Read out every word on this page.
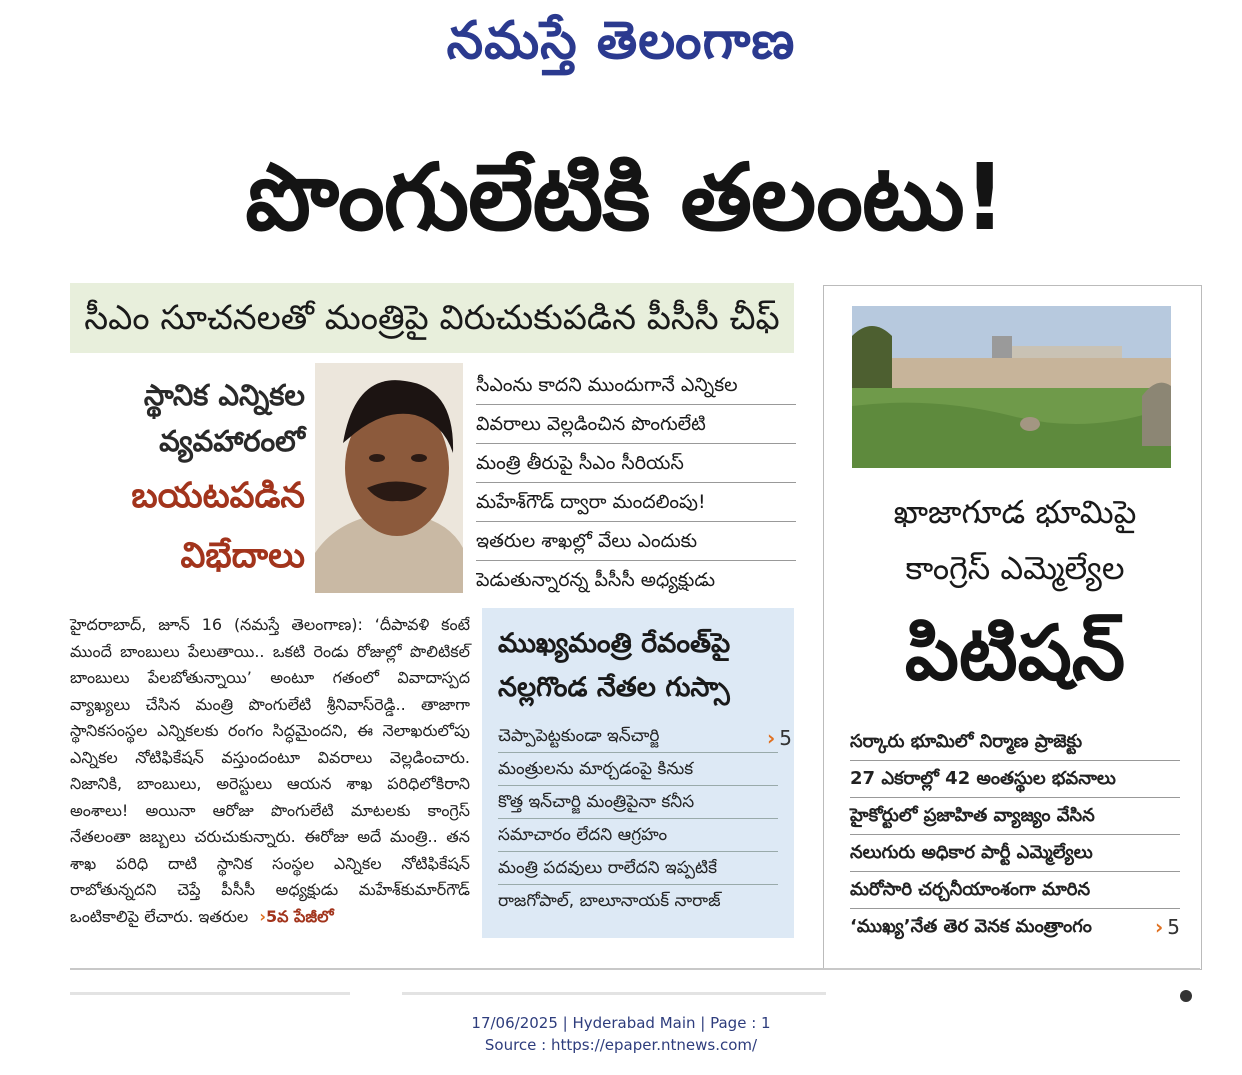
నమస్తే తెలంగాణ
పొంగులేటికి తలంటు!
సీఎం సూచనలతో మంత్రిపై విరుచుకుపడిన పీసీసీ చీఫ్
స్థానిక ఎన్నికల
వ్యవహారంలో
బయటపడిన
విభేదాలు
సీఎంను కాదని ముందుగానే ఎన్నికల
వివరాలు వెల్లడించిన పొంగులేటి
మంత్రి తీరుపై సీఎం సీరియస్
మహేశ్‌గౌడ్ ద్వారా మందలింపు!
ఇతరుల శాఖల్లో వేలు ఎందుకు
పెడుతున్నారన్న పీసీసీ అధ్యక్షుడు
హైదరాబాద్, జూన్ 16 (నమస్తే తెలంగాణ): ‘దీపావళి కంటే ముందే బాంబులు పేలుతాయి.. ఒకటి రెండు రోజుల్లో పొలిటికల్ బాంబులు పేలబోతున్నాయి’ అంటూ గతంలో వివాదాస్పద వ్యాఖ్యలు చేసిన మంత్రి పొంగులేటి శ్రీనివాస్‌రెడ్డి.. తాజాగా స్థానికసంస్థల ఎన్నికలకు రంగం సిద్ధమైందని, ఈ నెలాఖరులోపు ఎన్నికల నోటిఫికేషన్ వస్తుందంటూ వివరాలు వెల్లడించారు. నిజానికి, బాంబులు, అరెస్టులు ఆయన శాఖ పరిధిలోకిరాని అంశాలు! అయినా ఆరోజు పొంగులేటి మాటలకు కాంగ్రెస్ నేతలంతా జబ్బలు చరుచుకున్నారు. ఈరోజు అదే మంత్రి.. తన శాఖ పరిధి దాటి స్థానిక సంస్థల ఎన్నికల నోటిఫికేషన్ రాబోతున్నదని చెప్తే పీసీసీ అధ్యక్షుడు మహేశ్‌కుమార్‌గౌడ్ ఒంటికాలిపై లేచారు. ఇతరుల ›5వ పేజీలో
ముఖ్యమంత్రి రేవంత్‌పై నల్లగొండ నేతల గుస్సా
చెప్పాపెట్టకుండా ఇన్‌చార్జి
మంత్రులను మార్చడంపై కినుక
కొత్త ఇన్‌చార్జి మంత్రిపైనా కనీస
సమాచారం లేదని ఆగ్రహం
మంత్రి పదవులు రాలేదని ఇప్పటికే
రాజగోపాల్, బాలూనాయక్ నారాజ్
› 5
ఖాజాగూడ భూమిపై
కాంగ్రెస్ ఎమ్మెల్యేల
పిటిషన్
సర్కారు భూమిలో నిర్మాణ ప్రాజెక్టు
27 ఎకరాల్లో 42 అంతస్థుల భవనాలు
హైకోర్టులో ప్రజాహిత వ్యాజ్యం వేసిన
నలుగురు అధికార పార్టీ ఎమ్మెల్యేలు
మరోసారి చర్చనీయాంశంగా మారిన
‘ముఖ్య’నేత తెర వెనక మంత్రాంగం	› 5
17/06/2025 | Hyderabad Main | Page : 1
Source : https://epaper.ntnews.com/
